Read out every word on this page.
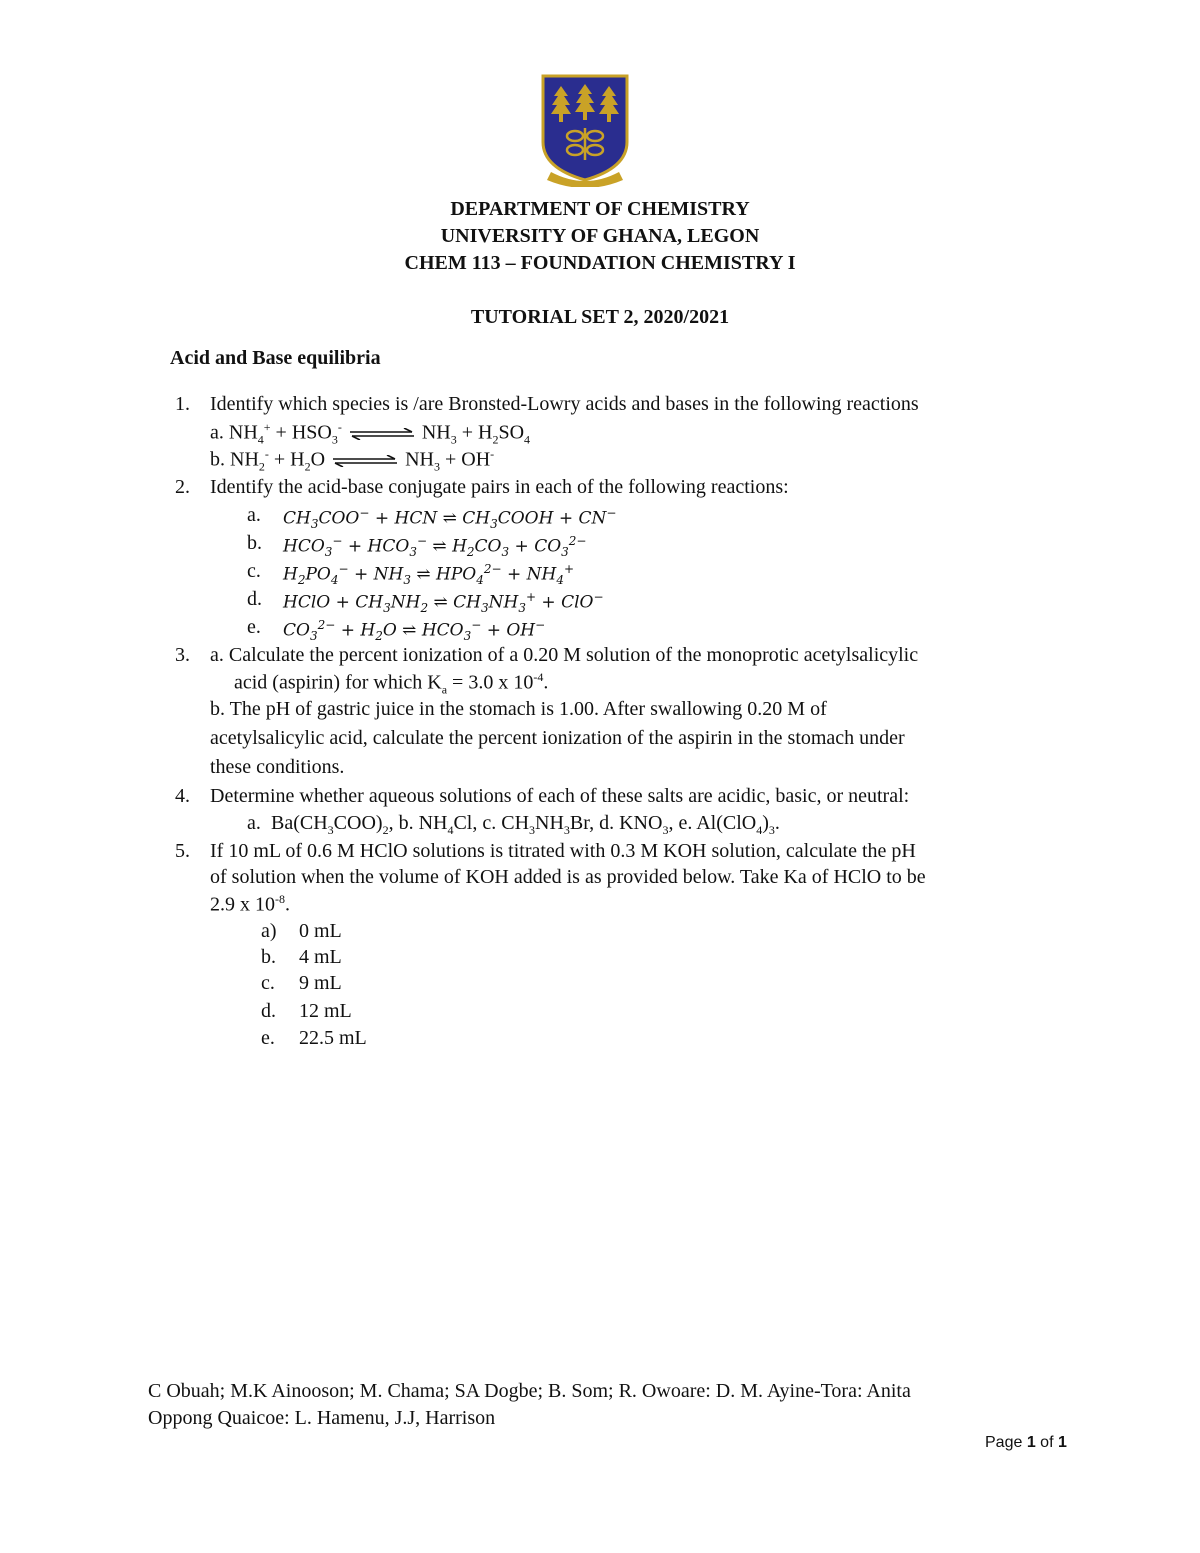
DEPARTMENT OF CHEMISTRY
UNIVERSITY OF GHANA, LEGON
CHEM 113 – FOUNDATION CHEMISTRY I
TUTORIAL SET 2, 2020/2021
Acid and Base equilibria
1. Identify which species is /are Bronsted-Lowry acids and bases in the following reactions
a. $NH_4^+ + HSO_3^-$ ⇌ $NH_3 + H_2SO_4$
b. $NH_2^- + H_2O$ ⇌ $NH_3 + OH^-$
2. Identify the acid-base conjugate pairs in each of the following reactions:
a. $CH_3COO^-$ + HCN ⇌ $CH_3COOH + CN^-$
b. $HCO_3^- + HCO_3^-$ ⇌ $H_2CO_3 + CO_3^{2-}$
c. $H_2PO_4^- + NH_3$ ⇌ $HPO_4^{2-} + NH_4^+$
d. HClO + $CH_3NH_2$ ⇌ $CH_3NH_3^+ + ClO^-$
e. $CO_3^{2-} + H_2O$ ⇌ $HCO_3^- + OH^-$
3. a. Calculate the percent ionization of a 0.20 M solution of the monoprotic acetylsalicylic
acid (aspirin) for which $K_a = 3.0$ x $10^{-4}$.
b. The pH of gastric juice in the stomach is 1.00. After swallowing 0.20 M of
acetylsalicylic acid, calculate the percent ionization of the aspirin in the stomach under
these conditions.
4. Determine whether aqueous solutions of each of these salts are acidic, basic, or neutral:
a. $Ba(CH_3COO)_2$, b. $NH_4Cl$, c. $CH_3NH_3Br$, d. $KNO_3$, e. $Al(ClO_4)_3$.
5. If 10 mL of 0.6 M HClO solutions is titrated with 0.3 M KOH solution, calculate the pH
of solution when the volume of KOH added is as provided below. Take Ka of HClO to be
2.9 x $10^{-8}$.
a) 0 mL
b. 4 mL
c. 9 mL
d. 12 mL
e. 22.5 mL
C Obuah; M.K Ainooson; M. Chama; SA Dogbe; B. Som; R. Owoare: D. M. Ayine-Tora: Anita
Oppong Quaicoe: L. Hamenu, J.J, Harrison
Page 1 of 1
